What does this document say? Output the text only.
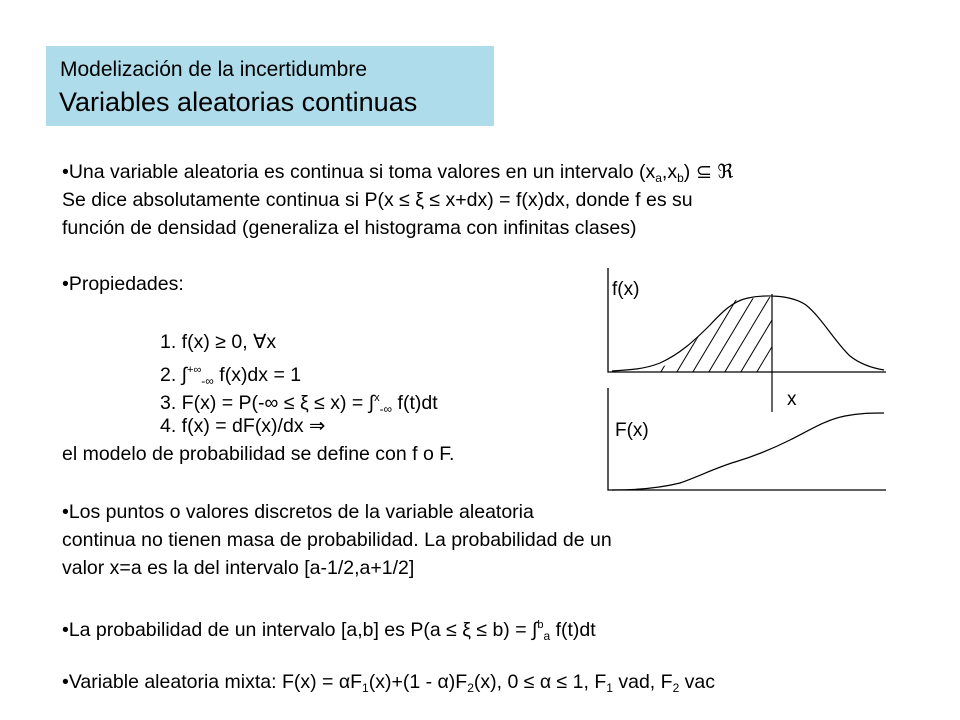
Modelización de la incertidumbre
Variables aleatorias continuas
•Una variable aleatoria es continua si toma valores en un intervalo $(x_a,x_b)$ ⊆ ℜ
Se dice absolutamente continua si P(x ≤ ξ ≤ x+dx) = f(x)dx, donde f es su
función de densidad (generaliza el histograma con infinitas clases)
•Propiedades:
1. f(x) ≥ 0, ∀x
2. $\int^{+\infty}_{-\infty}$ f(x)dx = 1
3. F(x) = P(-∞ ≤ ξ ≤ x) = ∫$^x_{-\infty}$ f(t)dt
4. f(x) = dF(x)/dx ⇒
el modelo de probabilidad se define con f o F.
•Los puntos o valores discretos de la variable aleatoria
continua no tienen masa de probabilidad. La probabilidad de un
valor x=a es la del intervalo [a-1/2,a+1/2]
•La probabilidad de un intervalo [a,b] es P(a ≤ ξ ≤ b) = ∫$^b_a$ f(t)dt
•Variable aleatoria mixta: $F(x) = \alpha F_1(x)+(1 - \alpha)F_2(x)$, 0 ≤ α ≤ 1, $F_1$ vad, $F_2$ vac
f(x)
F(x)
x
